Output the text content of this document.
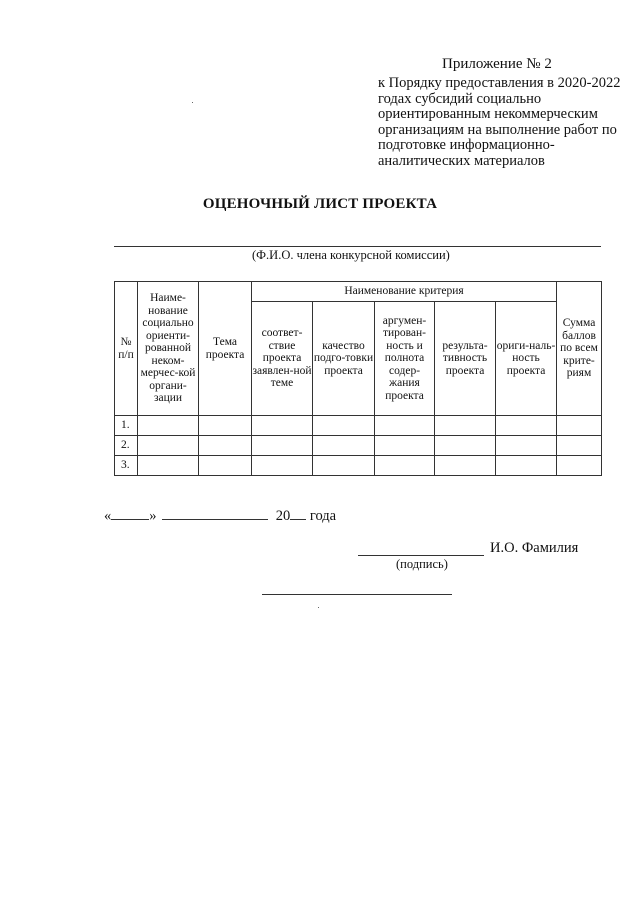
Приложение № 2
к Порядку предоставления в 2020-2022 годах субсидий социально ориентированным некоммерческим организациям на выполнение работ по подготовке информационно-аналитических материалов
ОЦЕНОЧНЫЙ ЛИСТ ПРОЕКТА
(Ф.И.О. члена конкурсной комиссии)
№ п/п	Наиме-нование социально ориенти-рованной неком-мерчес-кой органи-зации	Тема проекта	Наименование критерия					Сумма баллов по всем крите-риям
			соответ-ствие проекта заявлен-ной теме	качество подго-товки проекта	аргумен-тирован-ность и полнота содер-жания проекта	результа-тивность проекта	ориги-наль-ность проекта	
1.								
2.								
3.								
«	»	20 года
И.О. Фамилия
(подпись)
